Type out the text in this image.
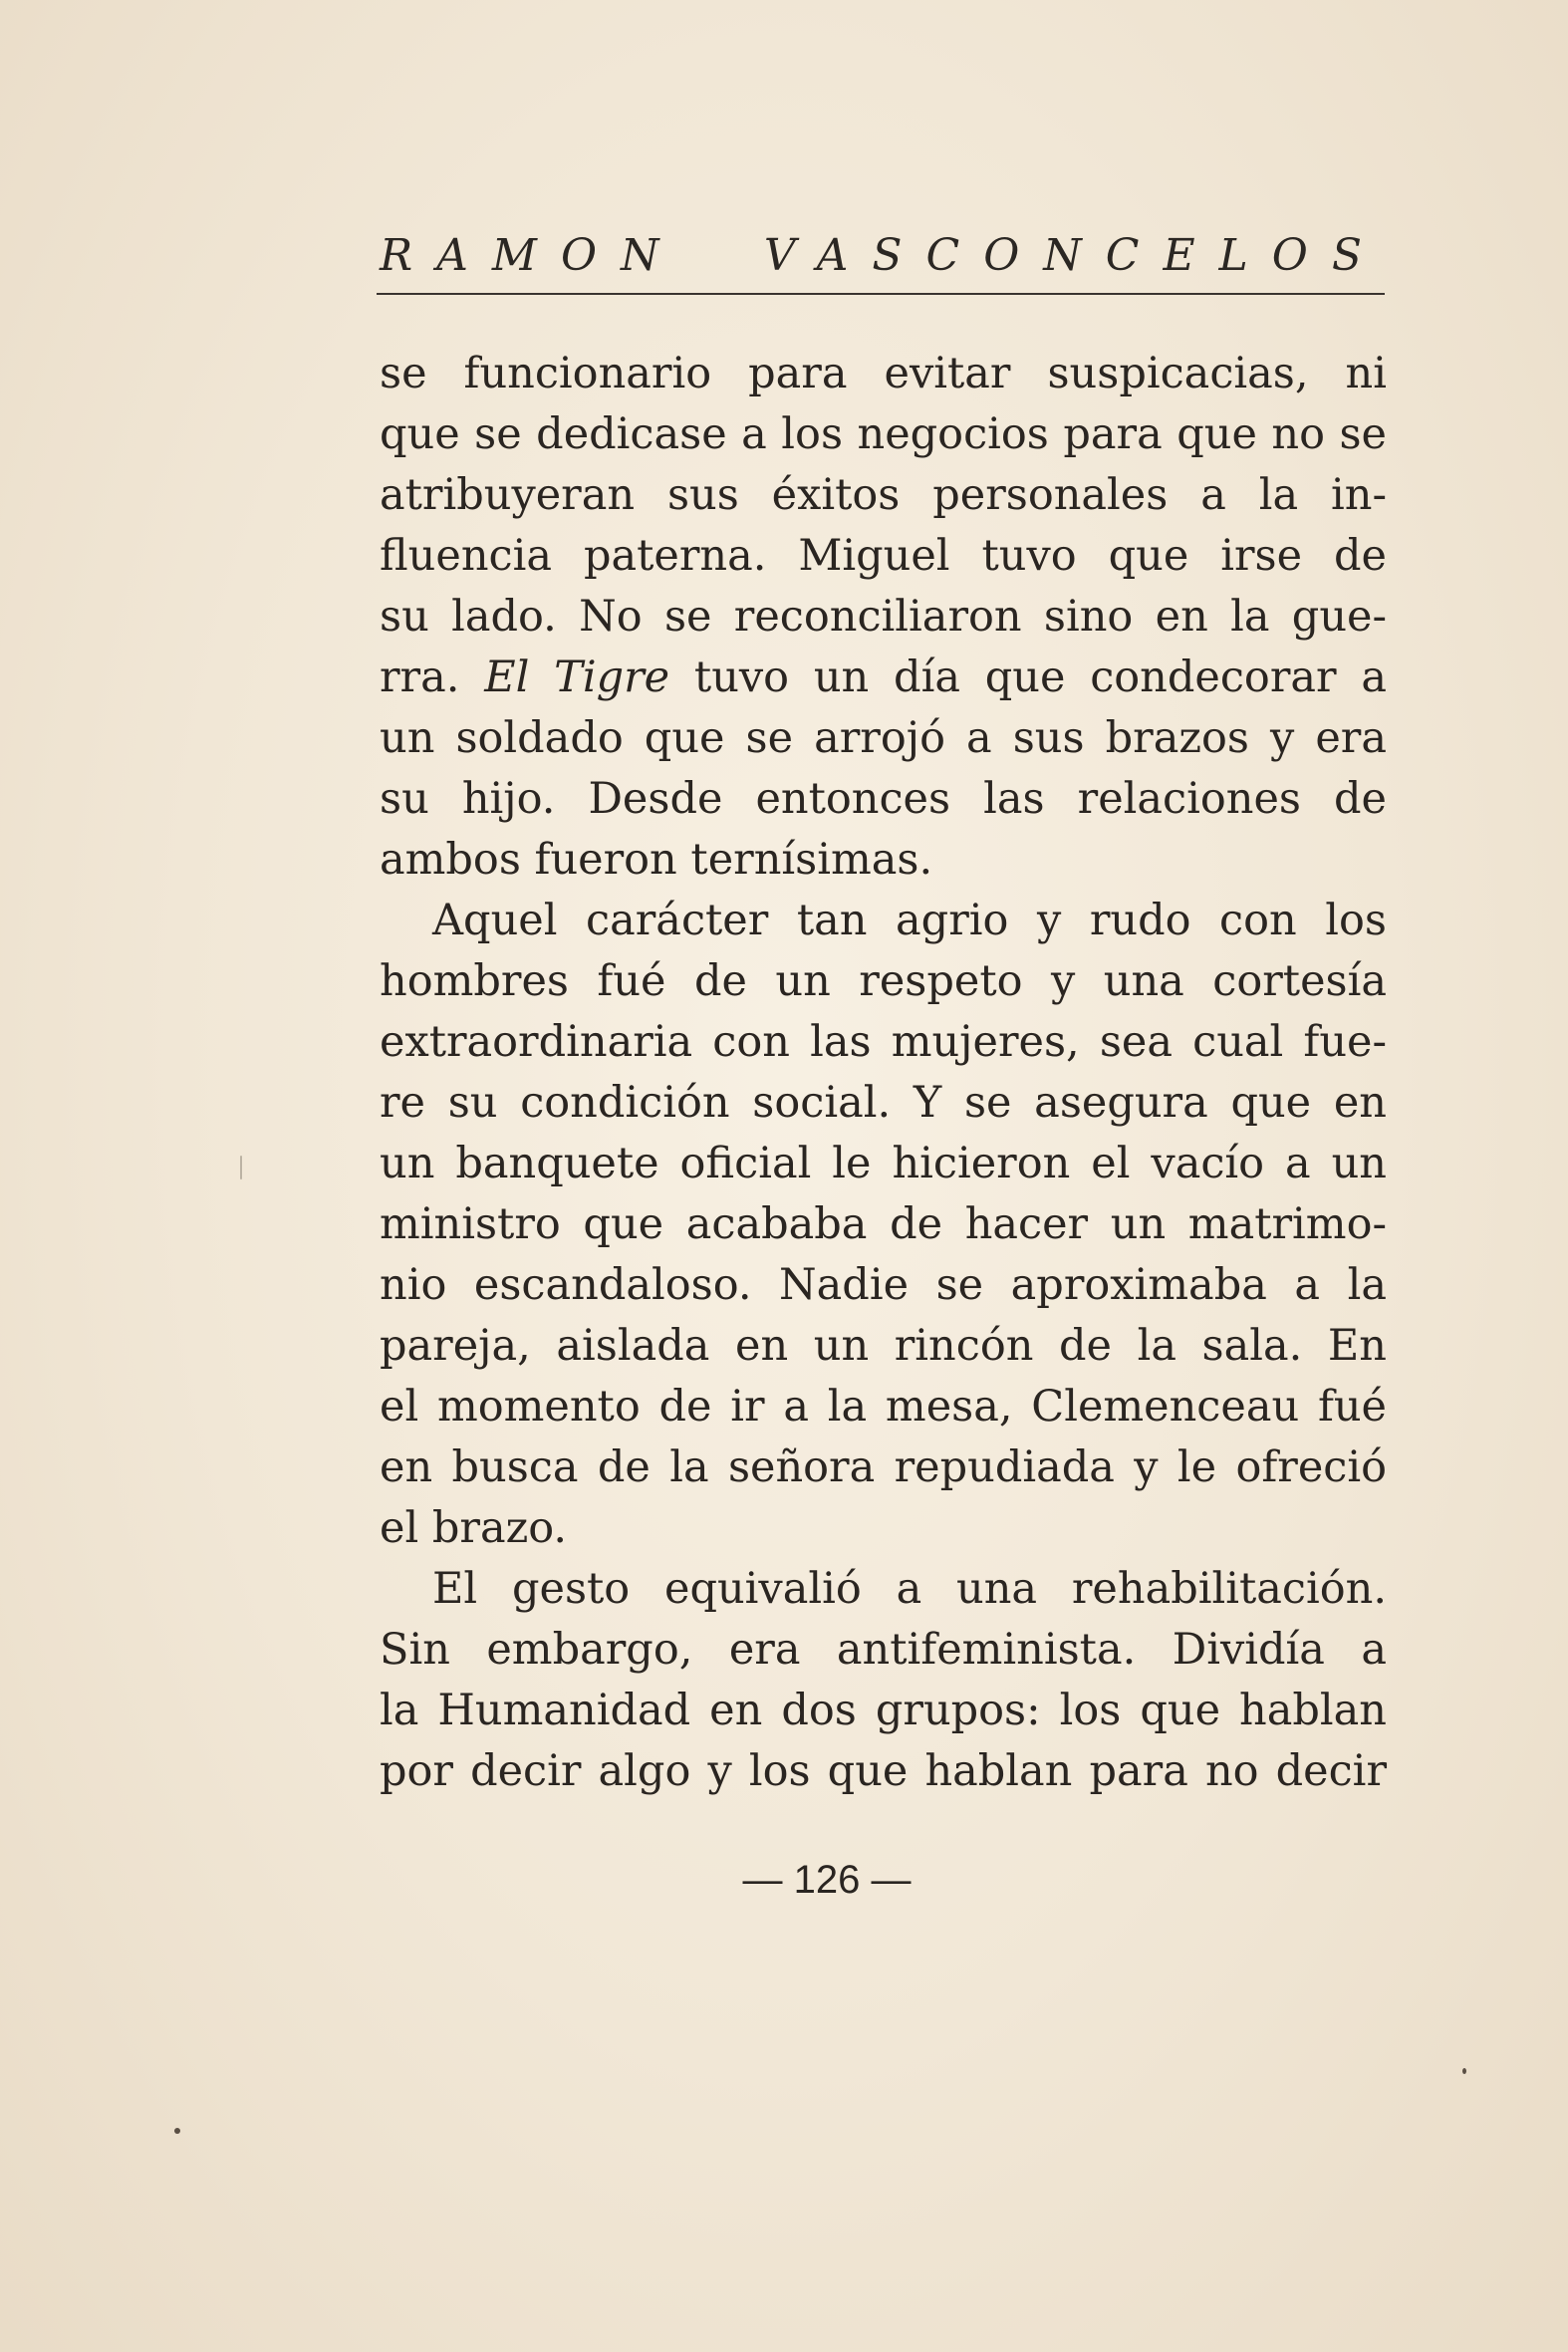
RAMON VASCONCELOS
se funcionario para evitar suspicacias, ni
que se dedicase a los negocios para que no se
atribuyeran sus éxitos personales a la in-
fluencia paterna. Miguel tuvo que irse de
su lado. No se reconciliaron sino en la gue-
rra. El Tigre tuvo un día que condecorar a
un soldado que se arrojó a sus brazos y era
su hijo. Desde entonces las relaciones de
ambos fueron ternísimas.
Aquel carácter tan agrio y rudo con los
hombres fué de un respeto y una cortesía
extraordinaria con las mujeres, sea cual fue-
re su condición social. Y se asegura que en
un banquete oficial le hicieron el vacío a un
ministro que acababa de hacer un matrimo-
nio escandaloso. Nadie se aproximaba a la
pareja, aislada en un rincón de la sala. En
el momento de ir a la mesa, Clemenceau fué
en busca de la señora repudiada y le ofreció
el brazo.
El gesto equivalió a una rehabilitación.
Sin embargo, era antifeminista. Dividía a
la Humanidad en dos grupos: los que hablan
por decir algo y los que hablan para no decir
— 126 —
